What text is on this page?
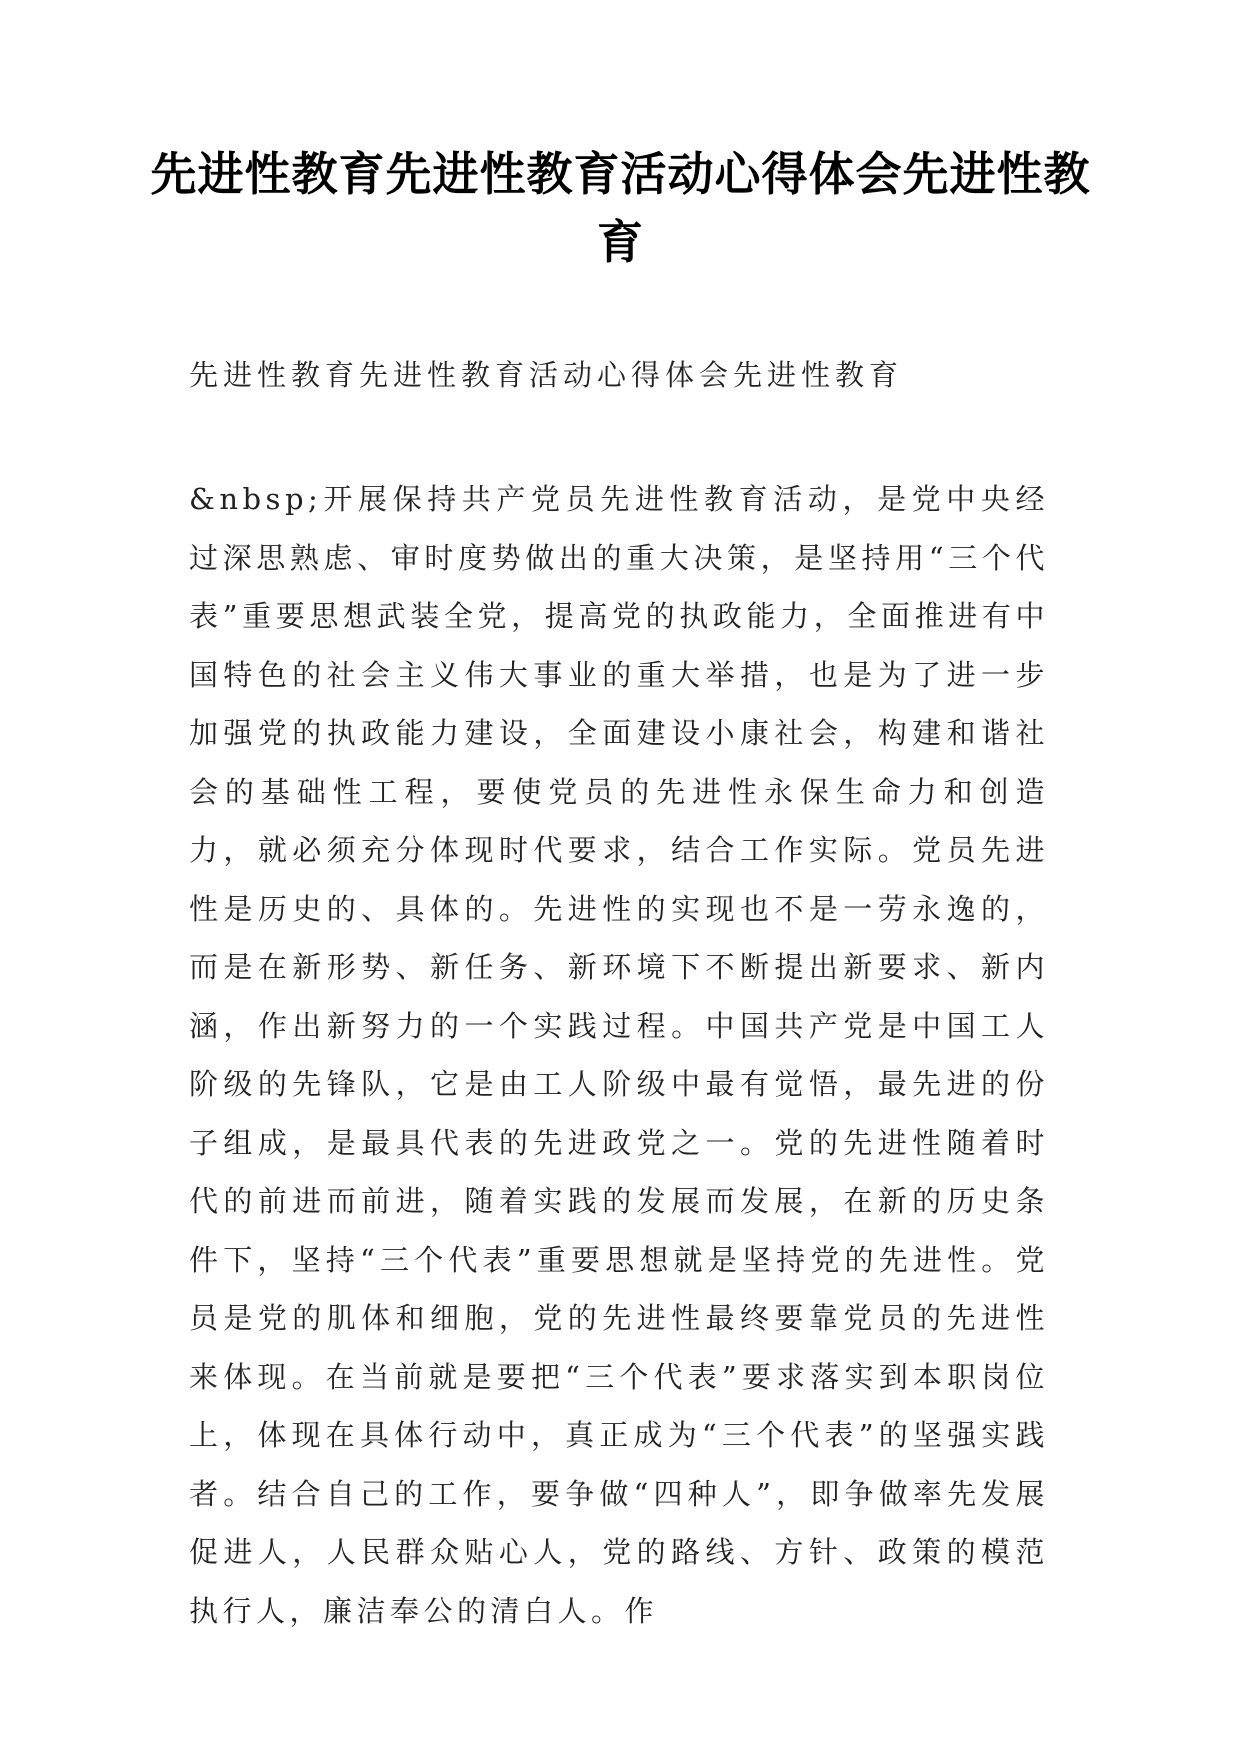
先进性教育先进性教育活动心得体会先进性教育

先进性教育先进性教育活动心得体会先进性教育

&nbsp;开展保持共产党员先进性教育活动，是党中央经过深思熟虑、审时度势做出的重大决策，是坚持用“三个代表”重要思想武装全党，提高党的执政能力，全面推进有中国特色的社会主义伟大事业的重大举措，也是为了进一步加强党的执政能力建设，全面建设小康社会，构建和谐社会的基础性工程，要使党员的先进性永保生命力和创造力，就必须充分体现时代要求，结合工作实际。党员先进性是历史的、具体的。先进性的实现也不是一劳永逸的，而是在新形势、新任务、新环境下不断提出新要求、新内涵，作出新努力的一个实践过程。中国共产党是中国工人阶级的先锋队，它是由工人阶级中最有觉悟，最先进的份子组成，是最具代表的先进政党之一。党的先进性随着时代的前进而前进，随着实践的发展而发展，在新的历史条件下，坚持“三个代表”重要思想就是坚持党的先进性。党员是党的肌体和细胞，党的先进性最终要靠党员的先进性来体现。在当前就是要把“三个代表”要求落实到本职岗位上，体现在具体行动中，真正成为“三个代表”的坚强实践者。结合自己的工作，要争做“四种人”，即争做率先发展促进人，人民群众贴心人，党的路线、方针、政策的模范执行人，廉洁奉公的清白人。作
